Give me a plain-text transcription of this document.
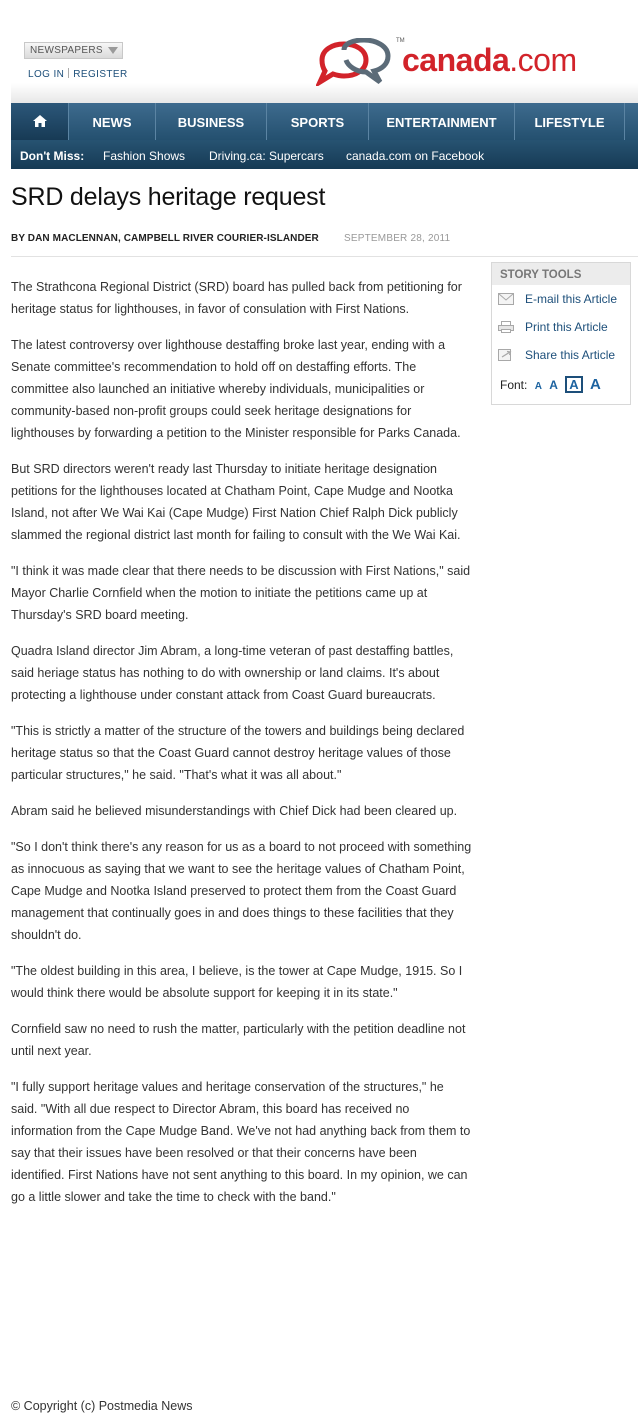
NEWSPAPERS
LOG IN REGISTER
TM
canada.com
NEWS	BUSINESS	SPORTS	ENTERTAINMENT	LIFESTYLE
Don't Miss: Fashion Shows Driving.ca: Supercars canada.com on Facebook
SRD delays heritage request
BY DAN MACLENNAN, CAMPBELL RIVER COURIER-ISLANDER	SEPTEMBER 28, 2011

The Strathcona Regional District (SRD) board has pulled back from petitioning for heritage status for lighthouses, in favor of consulation with First Nations.

The latest controversy over lighthouse destaffing broke last year, ending with a Senate committee's recommendation to hold off on destaffing efforts. The committee also launched an initiative whereby individuals, municipalities or community-based non-profit groups could seek heritage designations for lighthouses by forwarding a petition to the Minister responsible for Parks Canada.

But SRD directors weren't ready last Thursday to initiate heritage designation petitions for the lighthouses located at Chatham Point, Cape Mudge and Nootka Island, not after We Wai Kai (Cape Mudge) First Nation Chief Ralph Dick publicly slammed the regional district last month for failing to consult with the We Wai Kai.

"I think it was made clear that there needs to be discussion with First Nations," said Mayor Charlie Cornfield when the motion to initiate the petitions came up at Thursday's SRD board meeting.

Quadra Island director Jim Abram, a long-time veteran of past destaffing battles, said heriage status has nothing to do with ownership or land claims. It's about protecting a lighthouse under constant attack from Coast Guard bureaucrats.

"This is strictly a matter of the structure of the towers and buildings being declared heritage status so that the Coast Guard cannot destroy heritage values of those particular structures," he said. "That's what it was all about."

Abram said he believed misunderstandings with Chief Dick had been cleared up.

"So I don't think there's any reason for us as a board to not proceed with something as innocuous as saying that we want to see the heritage values of Chatham Point, Cape Mudge and Nootka Island preserved to protect them from the Coast Guard management that continually goes in and does things to these facilities that they shouldn't do.

"The oldest building in this area, I believe, is the tower at Cape Mudge, 1915. So I would think there would be absolute support for keeping it in its state."

Cornfield saw no need to rush the matter, particularly with the petition deadline not until next year.

"I fully support heritage values and heritage conservation of the structures," he said. "With all due respect to Director Abram, this board has received no information from the Cape Mudge Band. We've not had anything back from them to say that their issues have been resolved or that their concerns have been identified. First Nations have not sent anything to this board. In my opinion, we can go a little slower and take the time to check with the band."

© Copyright (c) Postmedia News
STORY TOOLS
E-mail this Article
Print this Article
Share this Article
Font: A A A A
